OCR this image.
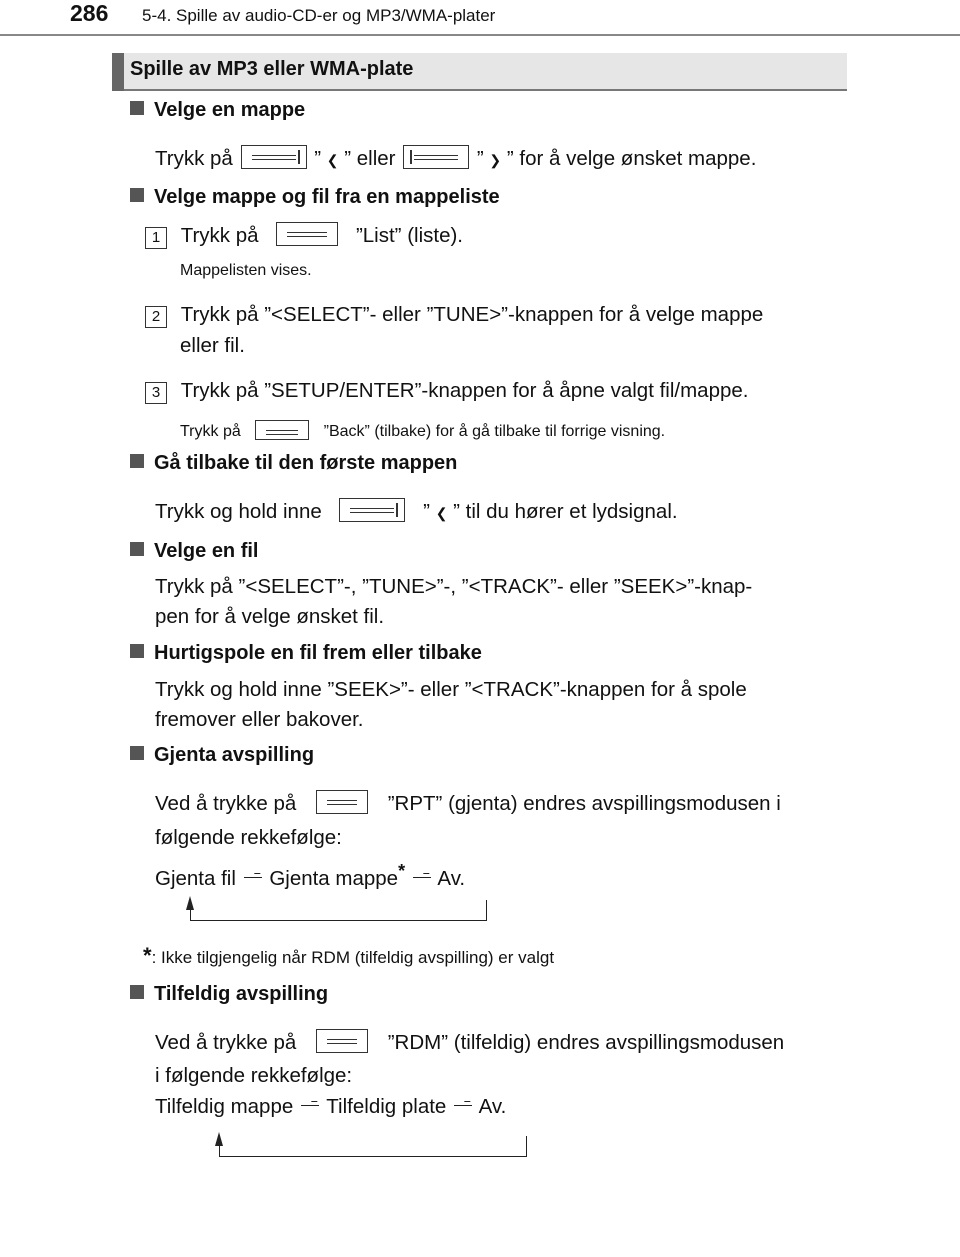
286 5-4. Spille av audio-CD-er og MP3/WMA-plater
Spille av MP3 eller WMA-plate
Velge en mappe
Trykk på	” ❮ ” eller	” ❯ ” for å velge ønsket mappe.
Velge mappe og fil fra en mappeliste
1 Trykk på	”List” (liste).
Mappelisten vises.
2 Trykk på ”<SELECT”- eller ”TUNE>”-knappen for å velge mappe
eller fil.
3 Trykk på ”SETUP/ENTER”-knappen for å åpne valgt fil/mappe.
Trykk på	”Back” (tilbake) for å gå tilbake til forrige visning.
Gå tilbake til den første mappen
Trykk og hold inne	” ❮ ” til du hører et lydsignal.
Velge en fil
Trykk på ”<SELECT”-, ”TUNE>”-, ”<TRACK”- eller ”SEEK>”-knap-
pen for å velge ønsket fil.
Hurtigspole en fil frem eller tilbake
Trykk og hold inne ”SEEK>”- eller ”<TRACK”-knappen for å spole
fremover eller bakover.
Gjenta avspilling
Ved å trykke på	”RPT” (gjenta) endres avspillingsmodusen i
følgende rekkefølge:
Gjenta fil Gjenta mappe* Av.
*: Ikke tilgjengelig når RDM (tilfeldig avspilling) er valgt
Tilfeldig avspilling
Ved å trykke på	”RDM” (tilfeldig) endres avspillingsmodusen
i følgende rekkefølge:
Tilfeldig mappe Tilfeldig plate Av.
